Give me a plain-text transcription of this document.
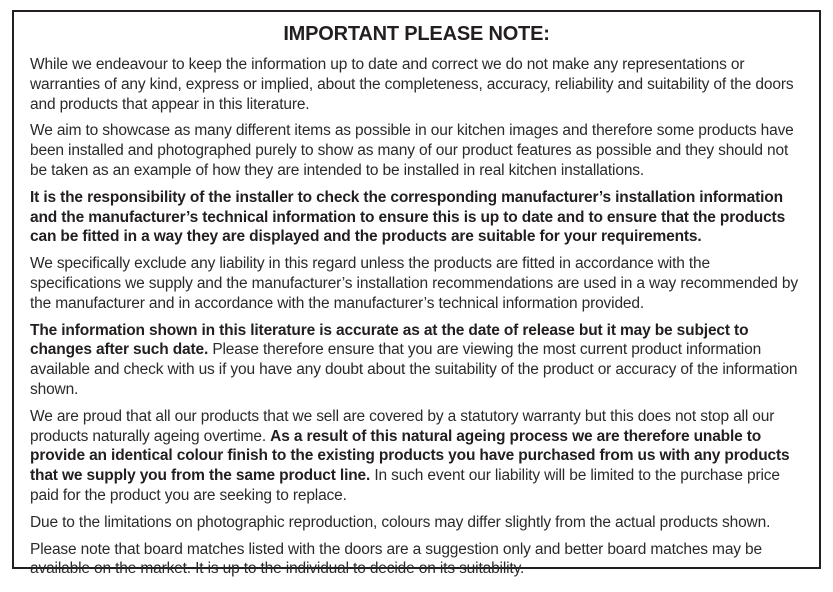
IMPORTANT PLEASE NOTE:

While we endeavour to keep the information up to date and correct we do not make any representations or warranties of any kind, express or implied, about the completeness, accuracy, reliability and suitability of the doors and products that appear in this literature.

We aim to showcase as many different items as possible in our kitchen images and therefore some products have been installed and photographed purely to show as many of our product features as possible and they should not be taken as an example of how they are intended to be installed in real kitchen installations.

It is the responsibility of the installer to check the corresponding manufacturer’s installation information and the manufacturer’s technical information to ensure this is up to date and to ensure that the products can be fitted in a way they are displayed and the products are suitable for your requirements.

We specifically exclude any liability in this regard unless the products are fitted in accordance with the specifications we supply and the manufacturer’s installation recommendations are used in a way recommended by the manufacturer and in accordance with the manufacturer’s technical information provided.

The information shown in this literature is accurate as at the date of release but it may be subject to changes after such date. Please therefore ensure that you are viewing the most current product information available and check with us if you have any doubt about the suitability of the product or accuracy of the information shown.

We are proud that all our products that we sell are covered by a statutory warranty but this does not stop all our products naturally ageing overtime. As a result of this natural ageing process we are therefore unable to provide an identical colour finish to the existing products you have purchased from us with any products that we supply you from the same product line. In such event our liability will be limited to the purchase price paid for the product you are seeking to replace.

Due to the limitations on photographic reproduction, colours may differ slightly from the actual products shown.

Please note that board matches listed with the doors are a suggestion only and better board matches may be available on the market. It is up to the individual to decide on its suitability.
